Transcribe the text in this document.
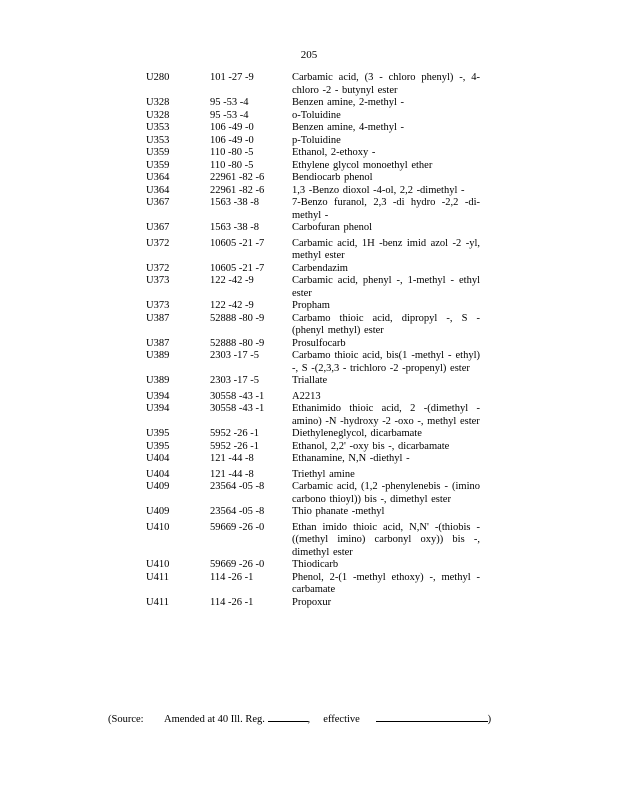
205
U280	101 -27 -9	Carbamic acid, (3 - chloro phenyl) -, 4- chloro -2 - butynyl ester
U328	95 -53 -4	Benzen amine, 2-methyl -
U328	95 -53 -4	o-Toluidine
U353	106 -49 -0	Benzen amine, 4-methyl -
U353	106 -49 -0	p-Toluidine
U359	110 -80 -5	Ethanol, 2-ethoxy -
U359	110 -80 -5	Ethylene glycol monoethyl ether
U364	22961 -82 -6	Bendiocarb phenol
U364	22961 -82 -6	1,3 -Benzo dioxol -4-ol, 2,2 -dimethyl -
U367	1563 -38 -8	7-Benzo furanol, 2,3 -di hydro -2,2 -di- methyl -
U367	1563 -38 -8	Carbofuran phenol
U372	10605 -21 -7	Carbamic acid, 1H -benz imid azol -2 -yl, methyl ester
U372	10605 -21 -7	Carbendazim
U373	122 -42 -9	Carbamic acid, phenyl -, 1-methyl - ethyl ester
U373	122 -42 -9	Propham
U387	52888 -80 -9	Carbamo thioic acid, dipropyl -, S - (phenyl methyl) ester
U387	52888 -80 -9	Prosulfocarb
U389	2303 -17 -5	Carbamo thioic acid, bis(1 -methyl - ethyl) -, S -(2,3,3 - trichloro -2 -propenyl) ester
U389	2303 -17 -5	Triallate
U394	30558 -43 -1	A2213
U394	30558 -43 -1	Ethanimido thioic acid, 2 -(dimethyl - amino) -N -hydroxy -2 -oxo -, methyl ester
U395	5952 -26 -1	Diethyleneglycol, dicarbamate
U395	5952 -26 -1	Ethanol, 2,2' -oxy bis -, dicarbamate
U404	121 -44 -8	Ethanamine, N,N -diethyl -
U404	121 -44 -8	Triethyl amine
U409	23564 -05 -8	Carbamic acid, (1,2 -phenylenebis - (imino carbono thioyl)) bis -, dimethyl ester
U409	23564 -05 -8	Thio phanate -methyl
U410	59669 -26 -0	Ethan imido thioic acid, N,N' -(thiobis - ((methyl imino) carbonyl oxy)) bis -, dimethyl ester
U410	59669 -26 -0	Thiodicarb
U411	114 -26 -1	Phenol, 2-(1 -methyl ethoxy) -, methyl - carbamate
U411	114 -26 -1	Propoxur
(Source: Amended at 40 Ill. Reg.	, effective	)
